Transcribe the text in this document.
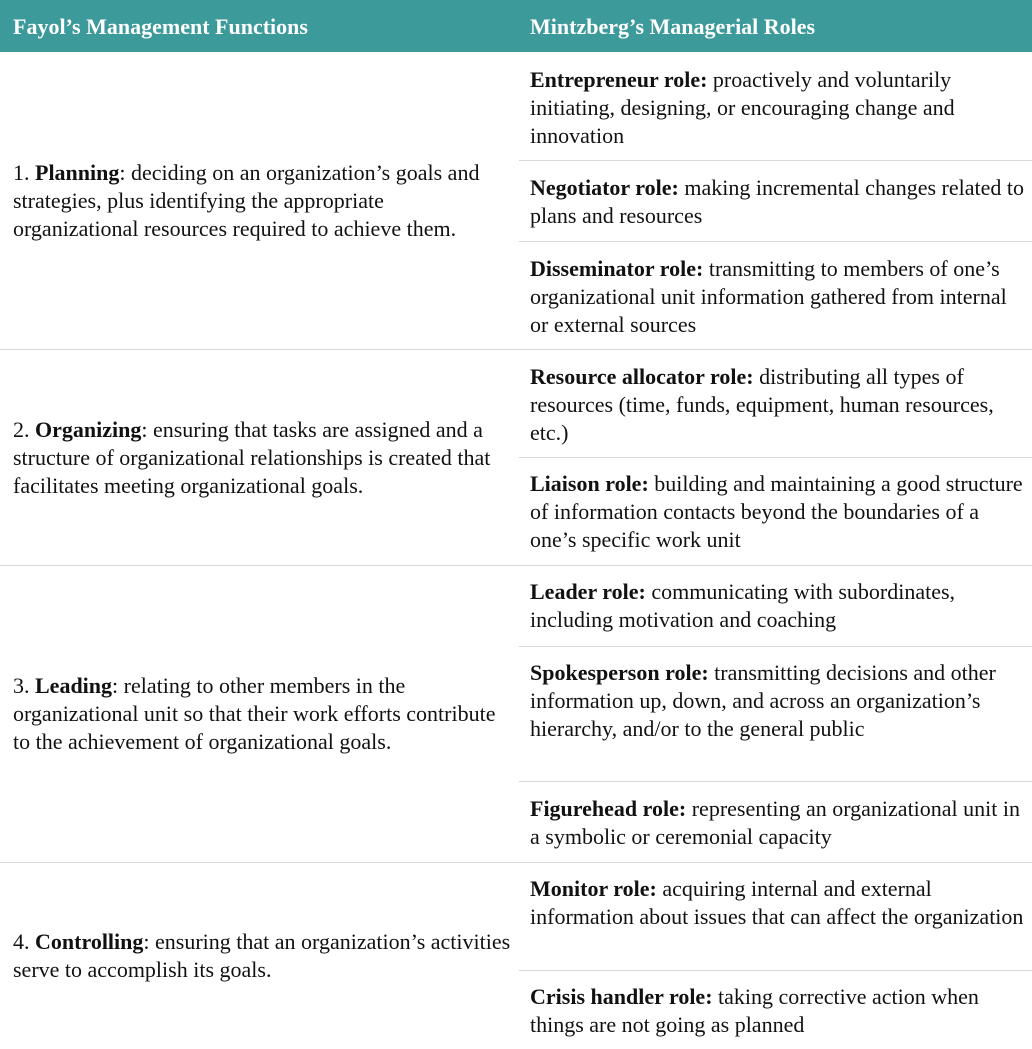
Fayol’s Management Functions	Mintzberg’s Managerial Roles
1. Planning: deciding on an organization’s goals and strategies, plus identifying the appropriate organizational resources required to achieve them.
Entrepreneur role: proactively and voluntarily initiating, designing, or encouraging change and innovation
Negotiator role: making incremental changes related to plans and resources
Disseminator role: transmitting to members of one’s organizational unit information gathered from internal or external sources
2. Organizing: ensuring that tasks are assigned and a structure of organizational relationships is created that facilitates meeting organizational goals.
Resource allocator role: distributing all types of resources (time, funds, equipment, human resources, etc.)
Liaison role: building and maintaining a good structure of information contacts beyond the boundaries of a one’s specific work unit
3. Leading: relating to other members in the organizational unit so that their work efforts contribute to the achievement of organizational goals.
Leader role: communicating with subordinates, including motivation and coaching
Spokesperson role: transmitting decisions and other information up, down, and across an organization’s hierarchy, and/or to the general public
Figurehead role: representing an organizational unit in a symbolic or ceremonial capacity
4. Controlling: ensuring that an organization’s activities serve to accomplish its goals.
Monitor role: acquiring internal and external information about issues that can affect the organization
Crisis handler role: taking corrective action when things are not going as planned
